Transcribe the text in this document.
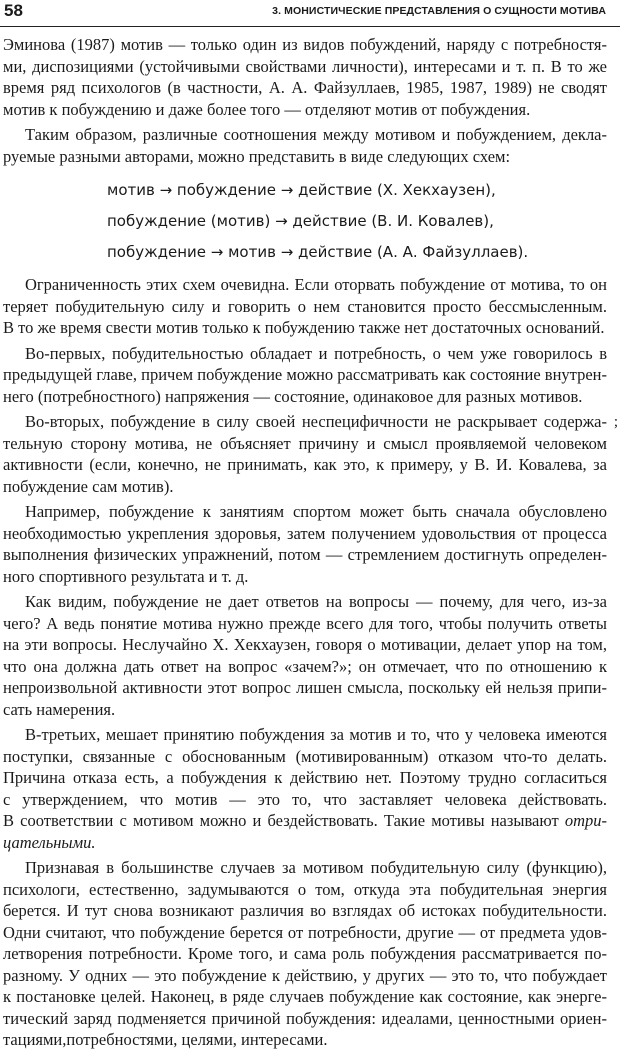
58	3. МОНИСТИЧЕСКИЕ ПРЕДСТАВЛЕНИЯ О СУЩНОСТИ МОТИВА
Эминова (1987) мотив — только один из видов побуждений, наряду с потребностя-
ми, диспозициями (устойчивыми свойствами личности), интересами и т. п. В то же
время ряд психологов (в частности, А. А. Файзуллаев, 1985, 1987, 1989) не сводят
мотив к побуждению и даже более того — отделяют мотив от побуждения.
Таким образом, различные соотношения между мотивом и побуждением, декла-
руемые разными авторами, можно представить в виде следующих схем:
мотив → побуждение → действие (Х. Хекхаузен),
побуждение (мотив) → действие (В. И. Ковалев),
побуждение → мотив → действие (А. А. Файзуллаев).
Ограниченность этих схем очевидна. Если оторвать побуждение от мотива, то он
теряет побудительную силу и говорить о нем становится просто бессмысленным.
В то же время свести мотив только к побуждению также нет достаточных оснований.
Во-первых, побудительностью обладает и потребность, о чем уже говорилось в
предыдущей главе, причем побуждение можно рассматривать как состояние внутрен-
него (потребностного) напряжения — состояние, одинаковое для разных мотивов.
Во-вторых, побуждение в силу своей неспецифичности не раскрывает содержа-
тельную сторону мотива, не объясняет причину и смысл проявляемой человеком
активности (если, конечно, не принимать, как это, к примеру, у В. И. Ковалева, за
побуждение сам мотив).
Например, побуждение к занятиям спортом может быть сначала обусловлено
необходимостью укрепления здоровья, затем получением удовольствия от процесса
выполнения физических упражнений, потом — стремлением достигнуть определен-
ного спортивного результата и т. д.
Как видим, побуждение не дает ответов на вопросы — почему, для чего, из-за
чего? А ведь понятие мотива нужно прежде всего для того, чтобы получить ответы
на эти вопросы. Неслучайно Х. Хекхаузен, говоря о мотивации, делает упор на том,
что она должна дать ответ на вопрос «зачем?»; он отмечает, что по отношению к
непроизвольной активности этот вопрос лишен смысла, поскольку ей нельзя припи-
сать намерения.
В-третьих, мешает принятию побуждения за мотив и то, что у человека имеются
поступки, связанные с обоснованным (мотивированным) отказом что-то делать.
Причина отказа есть, а побуждения к действию нет. Поэтому трудно согласиться
с утверждением, что мотив — это то, что заставляет человека действовать.
В соответствии с мотивом можно и бездействовать. Такие мотивы называют отри-
цательными.
Признавая в большинстве случаев за мотивом побудительную силу (функцию),
психологи, естественно, задумываются о том, откуда эта побудительная энергия
берется. И тут снова возникают различия во взглядах об истоках побудительности.
Одни считают, что побуждение берется от потребности, другие — от предмета удов-
летворения потребности. Кроме того, и сама роль побуждения рассматривается по-
разному. У одних — это побуждение к действию, у других — это то, что побуждает
к постановке целей. Наконец, в ряде случаев побуждение как состояние, как энерге-
тический заряд подменяется причиной побуждения: идеалами, ценностными ориен-
тациями,потребностями, целями, интересами.
;
